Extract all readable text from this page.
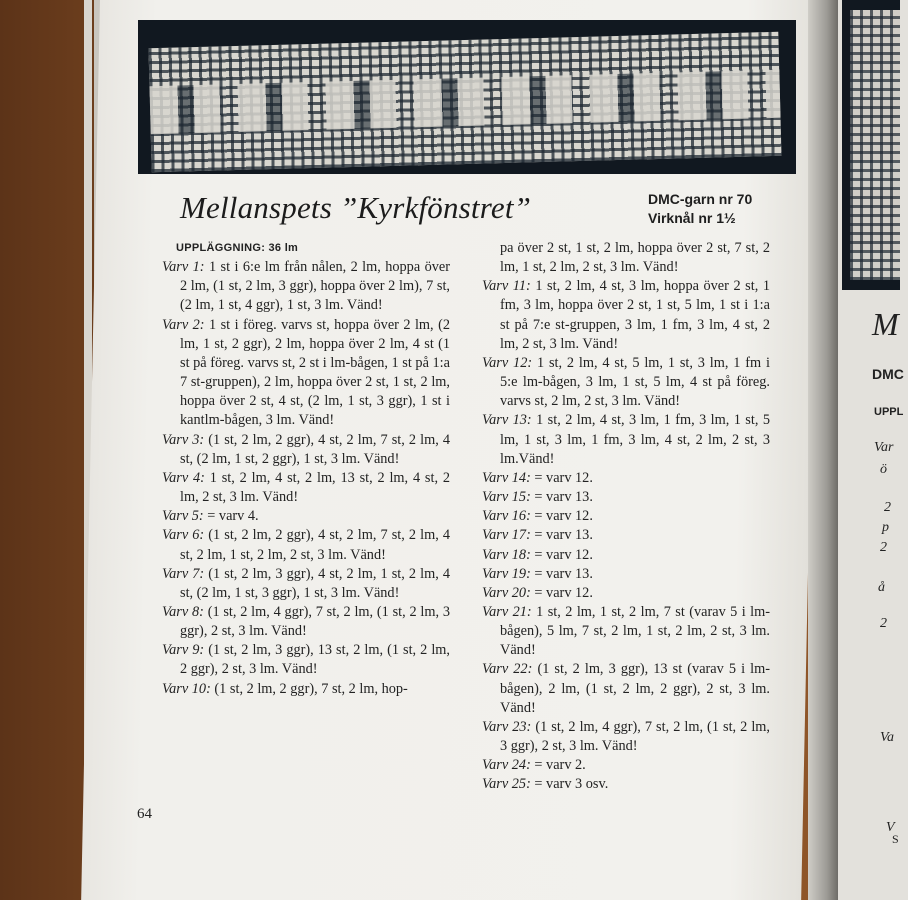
Mellanspets ”Kyrkfönstret”	DMC-garn nr 70
Virknål nr 1½
UPPLÄGGNING: 36 lm

Varv 1: 1 st i 6:e lm från nålen, 2 lm, hoppa över 2 lm, (1 st, 2 lm, 3 ggr), hoppa över 2 lm), 7 st, (2 lm, 1 st, 4 ggr), 1 st, 3 lm. Vänd!

Varv 2: 1 st i föreg. varvs st, hoppa över 2 lm, (2 lm, 1 st, 2 ggr), 2 lm, hoppa över 2 lm, 4 st (1 st på föreg. varvs st, 2 st i lm-bågen, 1 st på 1:a 7 st-gruppen), 2 lm, hoppa över 2 st, 1 st, 2 lm, hoppa över 2 st, 4 st, (2 lm, 1 st, 3 ggr), 1 st i kantlm-bågen, 3 lm. Vänd!

Varv 3: (1 st, 2 lm, 2 ggr), 4 st, 2 lm, 7 st, 2 lm, 4 st, (2 lm, 1 st, 2 ggr), 1 st, 3 lm. Vänd!

Varv 4: 1 st, 2 lm, 4 st, 2 lm, 13 st, 2 lm, 4 st, 2 lm, 2 st, 3 lm. Vänd!

Varv 5: = varv 4.

Varv 6: (1 st, 2 lm, 2 ggr), 4 st, 2 lm, 7 st, 2 lm, 4 st, 2 lm, 1 st, 2 lm, 2 st, 3 lm. Vänd!

Varv 7: (1 st, 2 lm, 3 ggr), 4 st, 2 lm, 1 st, 2 lm, 4 st, (2 lm, 1 st, 3 ggr), 1 st, 3 lm. Vänd!

Varv 8: (1 st, 2 lm, 4 ggr), 7 st, 2 lm, (1 st, 2 lm, 3 ggr), 2 st, 3 lm. Vänd!

Varv 9: (1 st, 2 lm, 3 ggr), 13 st, 2 lm, (1 st, 2 lm, 2 ggr), 2 st, 3 lm. Vänd!

Varv 10: (1 st, 2 lm, 2 ggr), 7 st, 2 lm, hop-

pa över 2 st, 1 st, 2 lm, hoppa över 2 st, 7 st, 2 lm, 1 st, 2 lm, 2 st, 3 lm. Vänd!

Varv 11: 1 st, 2 lm, 4 st, 3 lm, hoppa över 2 st, 1 fm, 3 lm, hoppa över 2 st, 1 st, 5 lm, 1 st i 1:a st på 7:e st-gruppen, 3 lm, 1 fm, 3 lm, 4 st, 2 lm, 2 st, 3 lm. Vänd!

Varv 12: 1 st, 2 lm, 4 st, 5 lm, 1 st, 3 lm, 1 fm i 5:e lm-bågen, 3 lm, 1 st, 5 lm, 4 st på föreg. varvs st, 2 lm, 2 st, 3 lm. Vänd!

Varv 13: 1 st, 2 lm, 4 st, 3 lm, 1 fm, 3 lm, 1 st, 5 lm, 1 st, 3 lm, 1 fm, 3 lm, 4 st, 2 lm, 2 st, 3 lm.Vänd!

Varv 14: = varv 12.

Varv 15: = varv 13.

Varv 16: = varv 12.

Varv 17: = varv 13.

Varv 18: = varv 12.

Varv 19: = varv 13.

Varv 20: = varv 12.

Varv 21: 1 st, 2 lm, 1 st, 2 lm, 7 st (varav 5 i lm-bågen), 5 lm, 7 st, 2 lm, 1 st, 2 lm, 2 st, 3 lm. Vänd!

Varv 22: (1 st, 2 lm, 3 ggr), 13 st (varav 5 i lm-bågen), 2 lm, (1 st, 2 lm, 2 ggr), 2 st, 3 lm. Vänd!

Varv 23: (1 st, 2 lm, 4 ggr), 7 st, 2 lm, (1 st, 2 lm, 3 ggr), 2 st, 3 lm. Vänd!

Varv 24: = varv 2.

Varv 25: = varv 3 osv.

64
M
DMC
UPPL
Var
ö
2
p
2
å
2
Va
V
S
